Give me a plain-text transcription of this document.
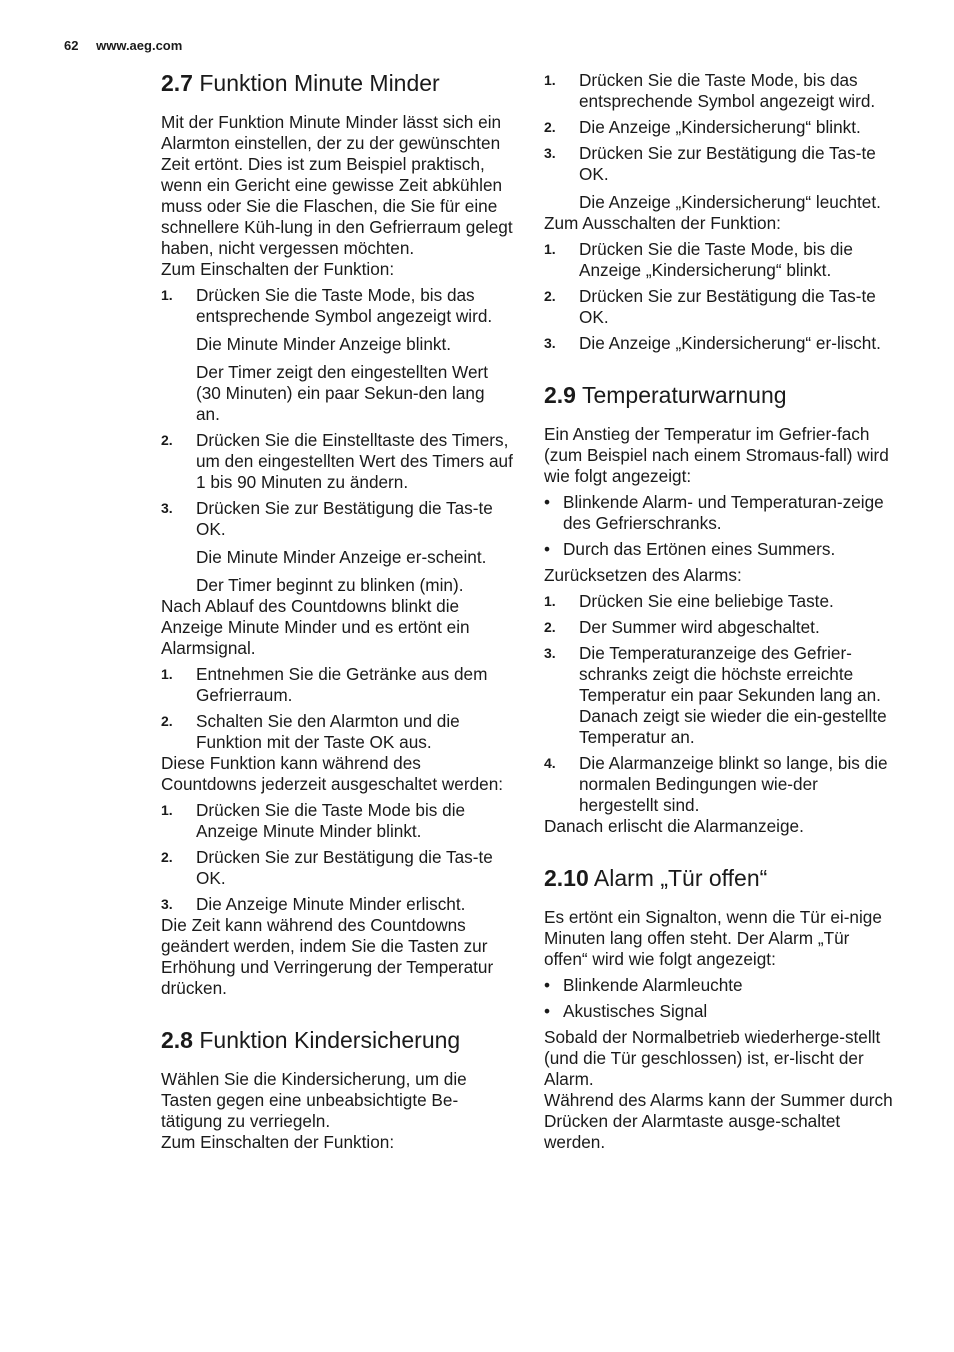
62 www.aeg.com
2.7 Funktion Minute Minder

Mit der Funktion Minute Minder lässt sich ein Alarmton einstellen, der zu der gewünschten Zeit ertönt. Dies ist zum Beispiel praktisch, wenn ein Gericht eine gewisse Zeit abkühlen muss oder Sie die Flaschen, die Sie für eine schnellere Küh-lung in den Gefrierraum gelegt haben, nicht vergessen möchten.

Zum Einschalten der Funktion:

1. Drücken Sie die Taste Mode, bis das entsprechende Symbol angezeigt wird.

Die Minute Minder Anzeige blinkt.

Der Timer zeigt den eingestellten Wert (30 Minuten) ein paar Sekun-den lang an.

2. Drücken Sie die Einstelltaste des Timers, um den eingestellten Wert des Timers auf 1 bis 90 Minuten zu ändern.
3. Drücken Sie zur Bestätigung die Tas-te OK.

Die Minute Minder Anzeige er-scheint.

Der Timer beginnt zu blinken (min).

Nach Ablauf des Countdowns blinkt die Anzeige Minute Minder und es ertönt ein Alarmsignal.

1. Entnehmen Sie die Getränke aus dem Gefrierraum.
2. Schalten Sie den Alarmton und die Funktion mit der Taste OK aus.

Diese Funktion kann während des Countdowns jederzeit ausgeschaltet werden:

1. Drücken Sie die Taste Mode bis die Anzeige Minute Minder blinkt.
2. Drücken Sie zur Bestätigung die Tas-te OK.
3. Die Anzeige Minute Minder erlischt.

Die Zeit kann während des Countdowns geändert werden, indem Sie die Tasten zur Erhöhung und Verringerung der Temperatur drücken.

2.8 Funktion Kindersicherung

Wählen Sie die Kindersicherung, um die Tasten gegen eine unbeabsichtigte Be-tätigung zu verriegeln.

Zum Einschalten der Funktion:

1. Drücken Sie die Taste Mode, bis das entsprechende Symbol angezeigt wird.
2. Die Anzeige „Kindersicherung“ blinkt.
3. Drücken Sie zur Bestätigung die Tas-te OK.

Die Anzeige „Kindersicherung“ leuchtet.

Zum Ausschalten der Funktion:

1. Drücken Sie die Taste Mode, bis die Anzeige „Kindersicherung“ blinkt.
2. Drücken Sie zur Bestätigung die Tas-te OK.
3. Die Anzeige „Kindersicherung“ er-lischt.
2.9 Temperaturwarnung

Ein Anstieg der Temperatur im Gefrier-fach (zum Beispiel nach einem Stromaus-fall) wird wie folgt angezeigt:

• Blinkende Alarm- und Temperaturan-zeige des Gefrierschranks.
• Durch das Ertönen eines Summers.

Zurücksetzen des Alarms:

1. Drücken Sie eine beliebige Taste.
2. Der Summer wird abgeschaltet.
3. Die Temperaturanzeige des Gefrier-schranks zeigt die höchste erreichte Temperatur ein paar Sekunden lang an. Danach zeigt sie wieder die ein-gestellte Temperatur an.
4. Die Alarmanzeige blinkt so lange, bis die normalen Bedingungen wie-der hergestellt sind.

Danach erlischt die Alarmanzeige.

2.10 Alarm „Tür offen“

Es ertönt ein Signalton, wenn die Tür ei-nige Minuten lang offen steht. Der Alarm „Tür offen“ wird wie folgt angezeigt:

• Blinkende Alarmleuchte
• Akustisches Signal

Sobald der Normalbetrieb wiederherge-stellt (und die Tür geschlossen) ist, er-lischt der Alarm.

Während des Alarms kann der Summer durch Drücken der Alarmtaste ausge-schaltet werden.
